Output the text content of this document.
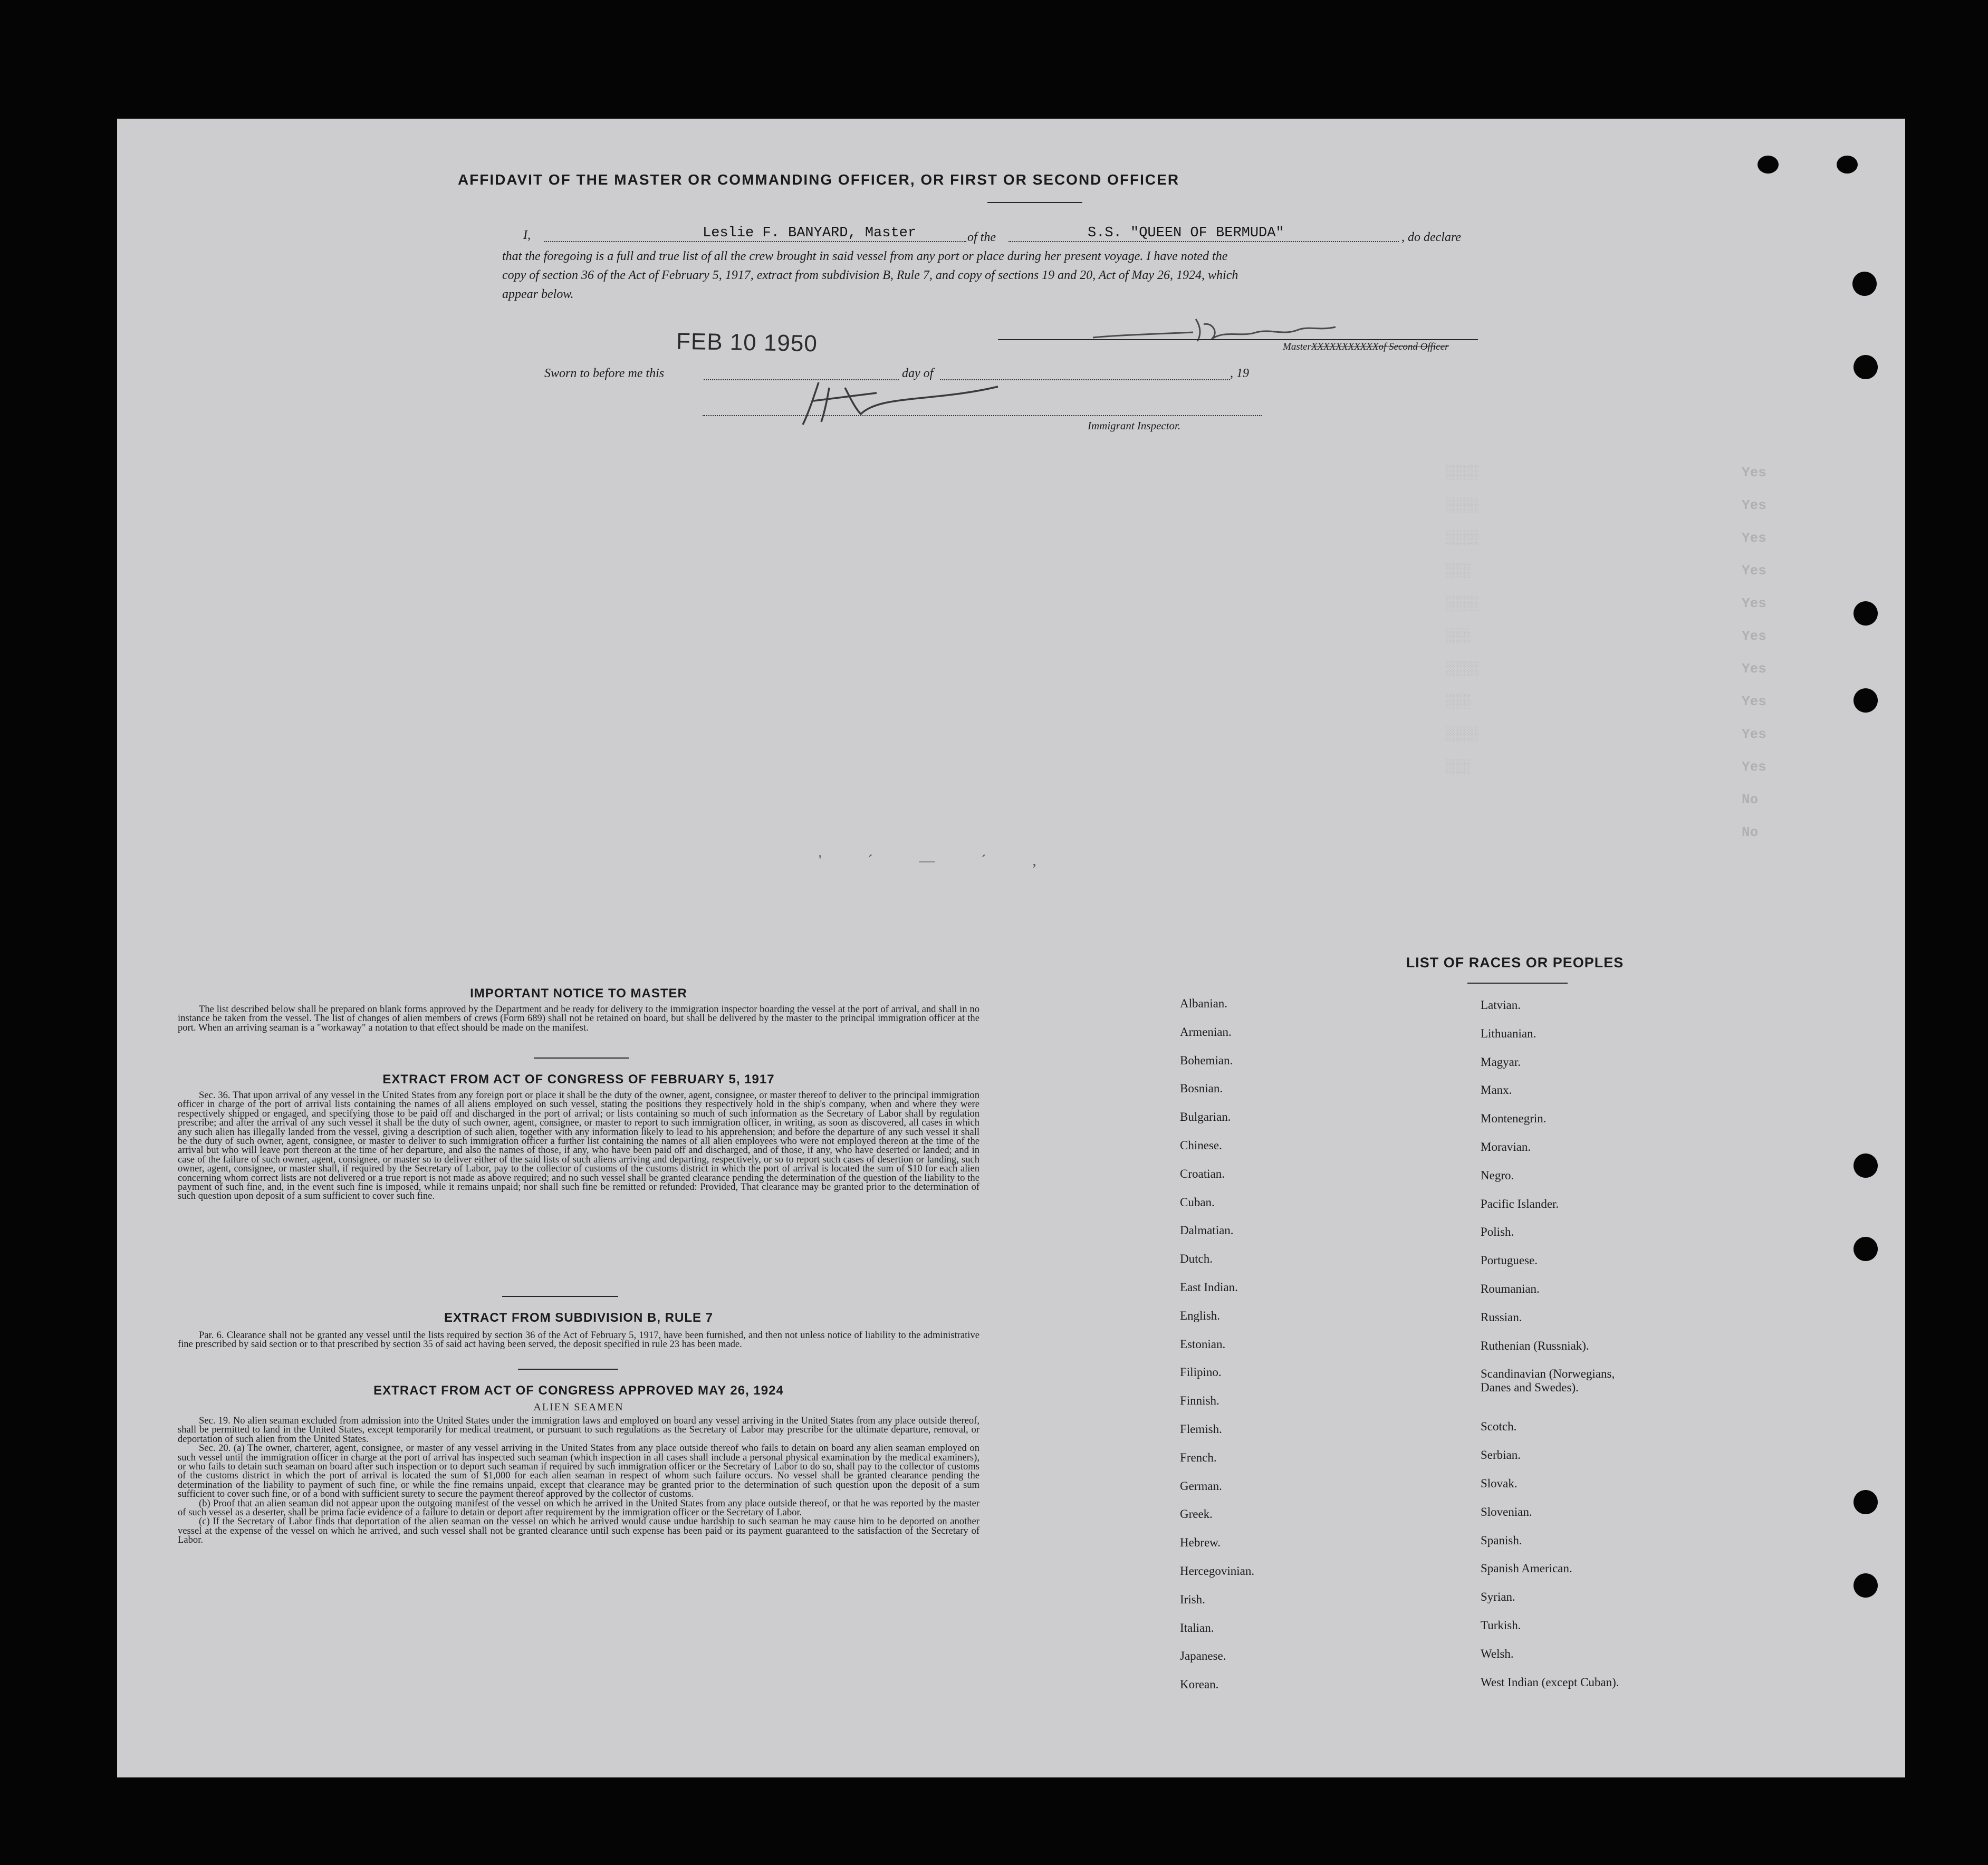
Yes
Yes
Yes
Yes
Yes
Yes
Yes
Yes
Yes
Yes
No
No
░░░░
░░░░
░░░░
░░░
░░░░
░░░
░░░░
░░░
░░░░
░░░
AFFIDAVIT OF THE MASTER OR COMMANDING OFFICER, OR FIRST OR SECOND OFFICER
I,	Leslie F. BANYARD, Master	of the	S.S. "QUEEN OF BERMUDA"	, do declare
that the foregoing is a full and true list of all the crew brought in said vessel from any port or place during her present voyage. I have noted the
copy of section 36 of the Act of February 5, 1917, extract from subdivision B, Rule 7, and copy of sections 19 and 20, Act of May 26, 1924, which
appear below.
FEB 10 1950	MasterXXXXXXXXXXXof Second Officer
Sworn to before me this	day of	, 19
Immigrant Inspector.
' ´ — ´ ,
IMPORTANT NOTICE TO MASTER

The list described below shall be prepared on blank forms approved by the Department and be ready for delivery to the immigration inspector boarding the vessel at the port of arrival, and shall in no instance be taken from the vessel. The list of changes of alien members of crews (Form 689) shall not be retained on board, but shall be delivered by the master to the principal immigration officer at the port. When an arriving seaman is a "workaway" a notation to that effect should be made on the manifest.

EXTRACT FROM ACT OF CONGRESS OF FEBRUARY 5, 1917

Sec. 36. That upon arrival of any vessel in the United States from any foreign port or place it shall be the duty of the owner, agent, consignee, or master thereof to deliver to the principal immigration officer in charge of the port of arrival lists containing the names of all aliens employed on such vessel, stating the positions they respectively hold in the ship's company, when and where they were respectively shipped or engaged, and specifying those to be paid off and discharged in the port of arrival; or lists containing so much of such information as the Secretary of Labor shall by regulation prescribe; and after the arrival of any such vessel it shall be the duty of such owner, agent, consignee, or master to report to such immigration officer, in writing, as soon as discovered, all cases in which any such alien has illegally landed from the vessel, giving a description of such alien, together with any information likely to lead to his apprehension; and before the departure of any such vessel it shall be the duty of such owner, agent, consignee, or master to deliver to such immigration officer a further list containing the names of all alien employees who were not employed thereon at the time of the arrival but who will leave port thereon at the time of her departure, and also the names of those, if any, who have been paid off and discharged, and of those, if any, who have deserted or landed; and in case of the failure of such owner, agent, consignee, or master so to deliver either of the said lists of such aliens arriving and departing, respectively, or so to report such cases of desertion or landing, such owner, agent, consignee, or master shall, if required by the Secretary of Labor, pay to the collector of customs of the customs district in which the port of arrival is located the sum of $10 for each alien concerning whom correct lists are not delivered or a true report is not made as above required; and no such vessel shall be granted clearance pending the determination of the question of the liability to the payment of such fine, and, in the event such fine is imposed, while it remains unpaid; nor shall such fine be remitted or refunded: Provided, That clearance may be granted prior to the determination of such question upon deposit of a sum sufficient to cover such fine.

EXTRACT FROM SUBDIVISION B, RULE 7

Par. 6. Clearance shall not be granted any vessel until the lists required by section 36 of the Act of February 5, 1917, have been furnished, and then not unless notice of liability to the administrative fine prescribed by said section or to that prescribed by section 35 of said act having been served, the deposit specified in rule 23 has been made.

EXTRACT FROM ACT OF CONGRESS APPROVED MAY 26, 1924
ALIEN SEAMEN

Sec. 19. No alien seaman excluded from admission into the United States under the immigration laws and employed on board any vessel arriving in the United States from any place outside thereof, shall be permitted to land in the United States, except temporarily for medical treatment, or pursuant to such regulations as the Secretary of Labor may prescribe for the ultimate departure, removal, or deportation of such alien from the United States.

Sec. 20. (a) The owner, charterer, agent, consignee, or master of any vessel arriving in the United States from any place outside thereof who fails to detain on board any alien seaman employed on such vessel until the immigration officer in charge at the port of arrival has inspected such seaman (which inspection in all cases shall include a personal physical examination by the medical examiners), or who fails to detain such seaman on board after such inspection or to deport such seaman if required by such immigration officer or the Secretary of Labor to do so, shall pay to the collector of customs of the customs district in which the port of arrival is located the sum of $1,000 for each alien seaman in respect of whom such failure occurs. No vessel shall be granted clearance pending the determination of the liability to payment of such fine, or while the fine remains unpaid, except that clearance may be granted prior to the determination of such question upon the deposit of a sum sufficient to cover such fine, or of a bond with sufficient surety to secure the payment thereof approved by the collector of customs.

(b) Proof that an alien seaman did not appear upon the outgoing manifest of the vessel on which he arrived in the United States from any place outside thereof, or that he was reported by the master of such vessel as a deserter, shall be prima facie evidence of a failure to detain or deport after requirement by the immigration officer or the Secretary of Labor.

(c) If the Secretary of Labor finds that deportation of the alien seaman on the vessel on which he arrived would cause undue hardship to such seaman he may cause him to be deported on another vessel at the expense of the vessel on which he arrived, and such vessel shall not be granted clearance until such expense has been paid or its payment guaranteed to the satisfaction of the Secretary of Labor.

LIST OF RACES OR PEOPLES
Albanian.
Armenian.
Bohemian.
Bosnian.
Bulgarian.
Chinese.
Croatian.
Cuban.
Dalmatian.
Dutch.
East Indian.
English.
Estonian.
Filipino.
Finnish.
Flemish.
French.
German.
Greek.
Hebrew.
Hercegovinian.
Irish.
Italian.
Japanese.
Korean.
Latvian.
Lithuanian.
Magyar.
Manx.
Montenegrin.
Moravian.
Negro.
Pacific Islander.
Polish.
Portuguese.
Roumanian.
Russian.
Ruthenian (Russniak).
Scandinavian (Norwegians,
Danes and Swedes).
Scotch.
Serbian.
Slovak.
Slovenian.
Spanish.
Spanish American.
Syrian.
Turkish.
Welsh.
West Indian (except Cuban).
